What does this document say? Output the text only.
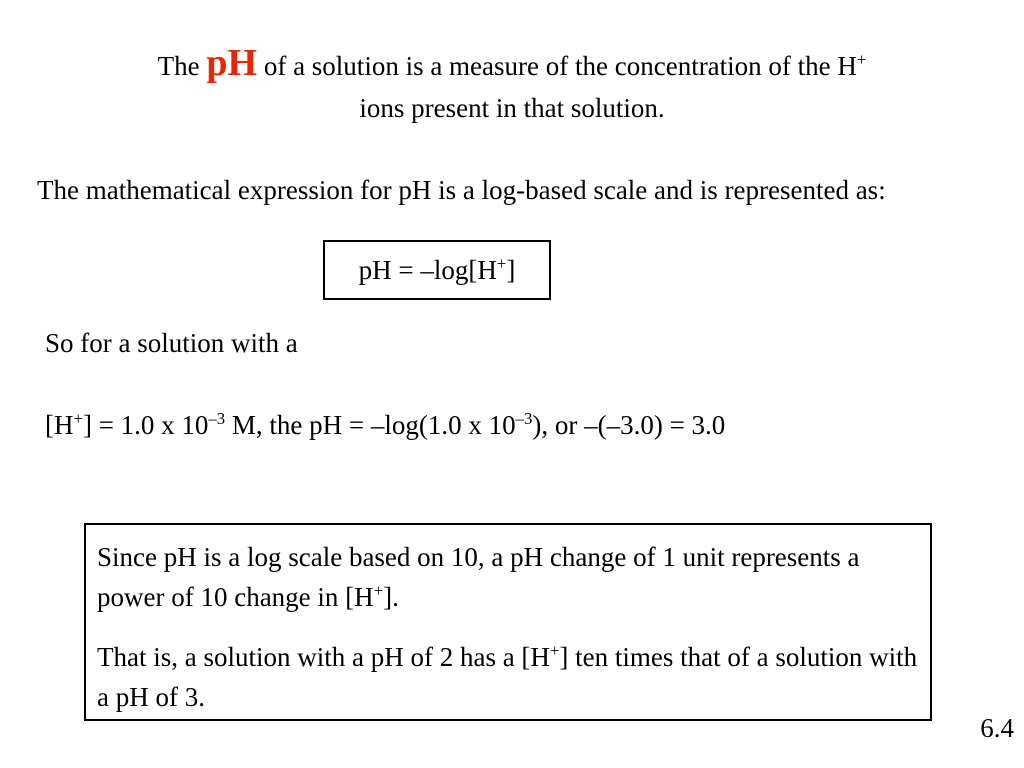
The pH of a solution is a measure of the concentration of the H+
ions present in that solution.
The mathematical expression for pH is a log-based scale and is represented as:
pH = –log[H+]
So for a solution with a
[H+] = 1.0 x $10^{-3}$ M, the pH = –log(1.0 x $10^{-3}$), or –(–3.0) = 3.0

Since pH is a log scale based on 10, a pH change of 1 unit represents a power of 10 change in [H+].

That is, a solution with a pH of 2 has a [H+] ten times that of a solution with a pH of 3.

6.4
